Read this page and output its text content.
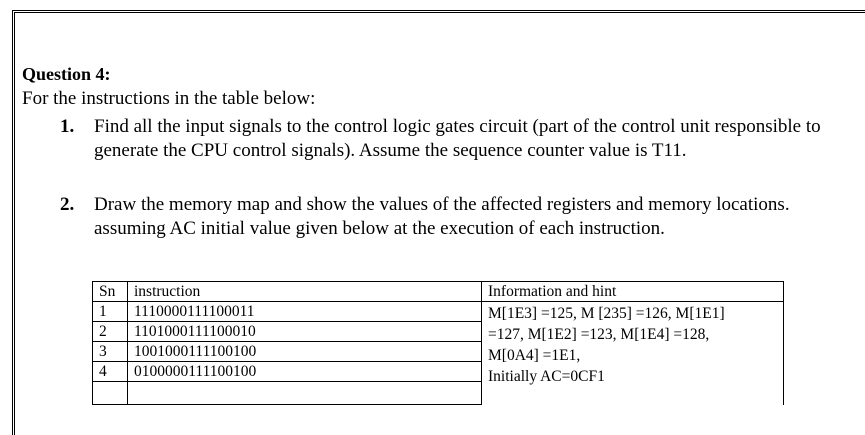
Question 4:
For the instructions in the table below:
1.	Find all the input signals to the control logic gates circuit (part of the control unit responsible to generate the CPU control signals). Assume the sequence counter value is T11.
2.	Draw the memory map and show the values of the affected registers and memory locations. assuming AC initial value given below at the execution of each instruction.
Sn	instruction	Information and hint
1	1110000111100011	M[1E3] =125, M [235] =126, M[1E1]
=127, M[1E2] =123, M[1E4] =128,
M[0A4] =1E1,
Initially AC=0CF1

2	1101000111100010	
3	1001000111100100	
4	0100000111100100	
